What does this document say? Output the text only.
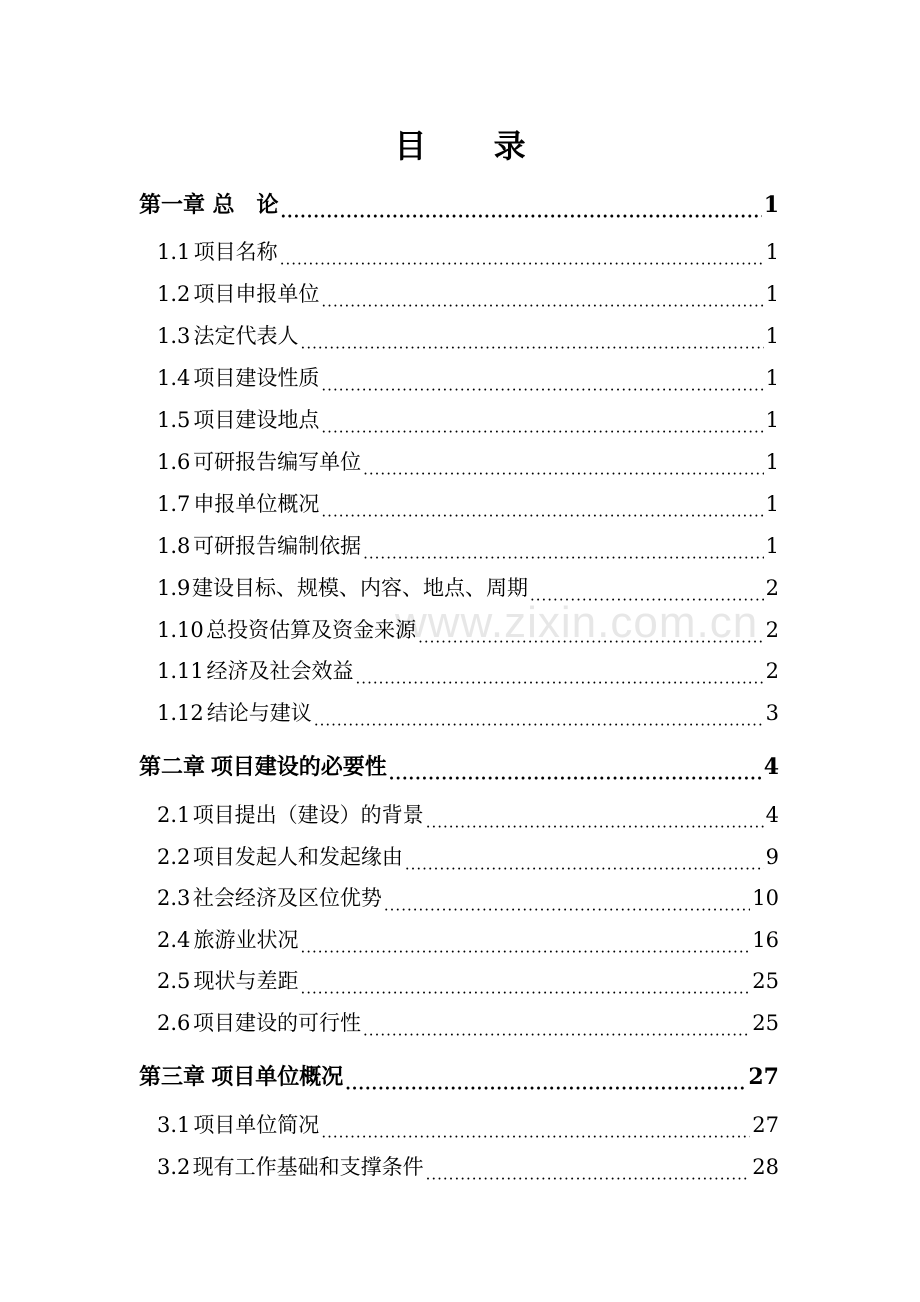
目 录
www.zixin.com.cn
第一章 总　论 .....	1
1.1 项目名称 .....	1
1.2 项目申报单位 .....	1
1.3 法定代表人 .....	1
1.4 项目建设性质 .....	1
1.5 项目建设地点 .....	1
1.6 可研报告编写单位 .....	1
1.7 申报单位概况 .....	1
1.8 可研报告编制依据 .....	1
1.9 建设目标、规模、内容、地点、周期 .....	2
1.10 总投资估算及资金来源 .....	2
1.11 经济及社会效益 .....	2
1.12 结论与建议 .....	3
第二章 项目建设的必要性 .....	4
2.1 项目提出（建设）的背景 .....	4
2.2 项目发起人和发起缘由 .....	9
2.3 社会经济及区位优势 .....	10
2.4 旅游业状况 .....	16
2.5 现状与差距 .....	25
2.6 项目建设的可行性 .....	25
第三章 项目单位概况 .....	27
3.1 项目单位简况 .....	27
3.2 现有工作基础和支撑条件 .....	28
